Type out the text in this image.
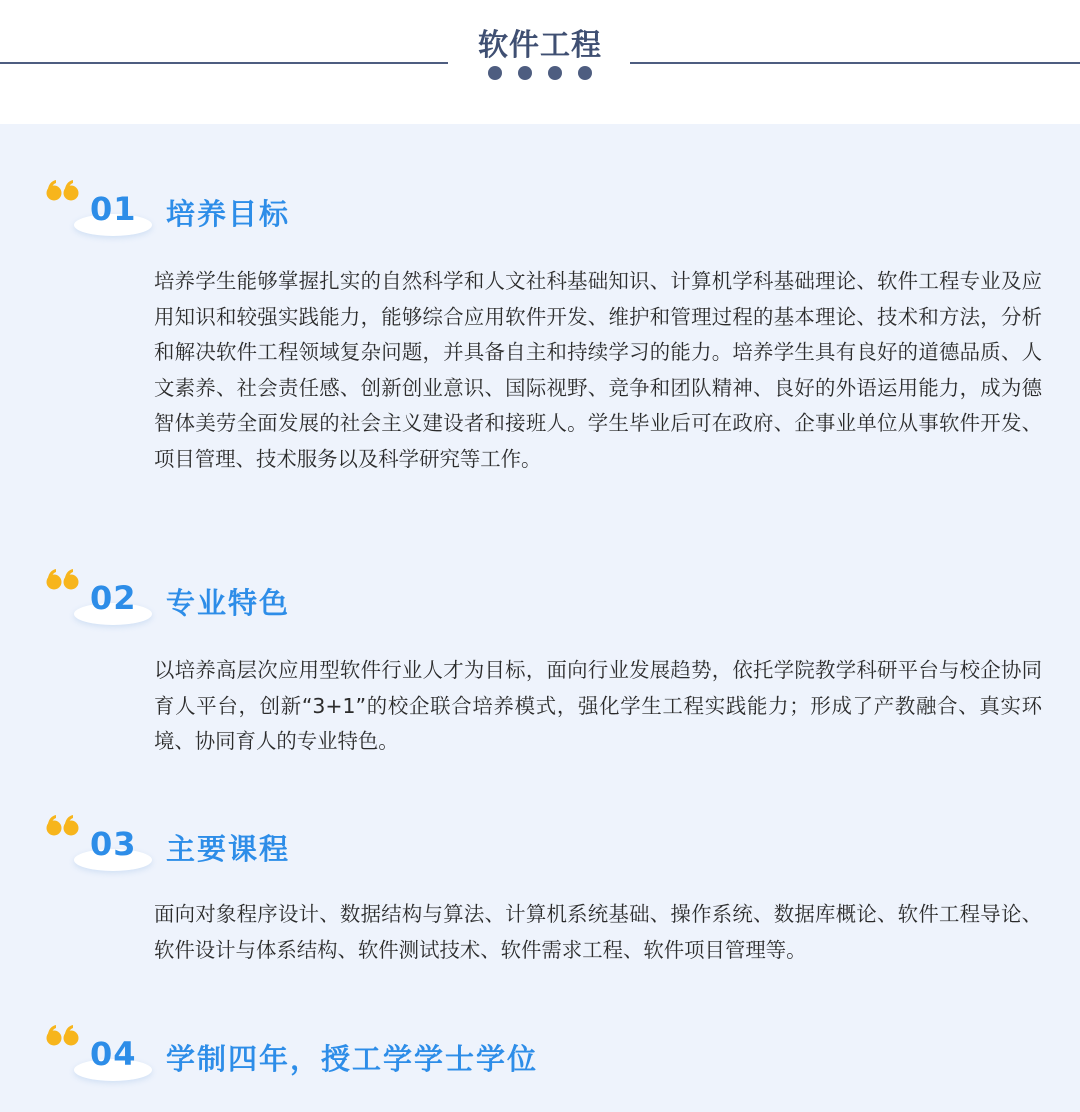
软件工程
01 培养目标
培养学生能够掌握扎实的自然科学和人文社科基础知识、计算机学科基础理论、软件工程专业及应用知识和较强实践能力，能够综合应用软件开发、维护和管理过程的基本理论、技术和方法，分析和解决软件工程领域复杂问题，并具备自主和持续学习的能力。培养学生具有良好的道德品质、人文素养、社会责任感、创新创业意识、国际视野、竞争和团队精神、良好的外语运用能力，成为德智体美劳全面发展的社会主义建设者和接班人。学生毕业后可在政府、企事业单位从事软件开发、项目管理、技术服务以及科学研究等工作。
02 专业特色
以培养高层次应用型软件行业人才为目标，面向行业发展趋势，依托学院教学科研平台与校企协同育人平台，创新“3+1”的校企联合培养模式，强化学生工程实践能力；形成了产教融合、真实环境、协同育人的专业特色。
03 主要课程
面向对象程序设计、数据结构与算法、计算机系统基础、操作系统、数据库概论、软件工程导论、软件设计与体系结构、软件测试技术、软件需求工程、软件项目管理等。
04 学制四年，授工学学士学位
